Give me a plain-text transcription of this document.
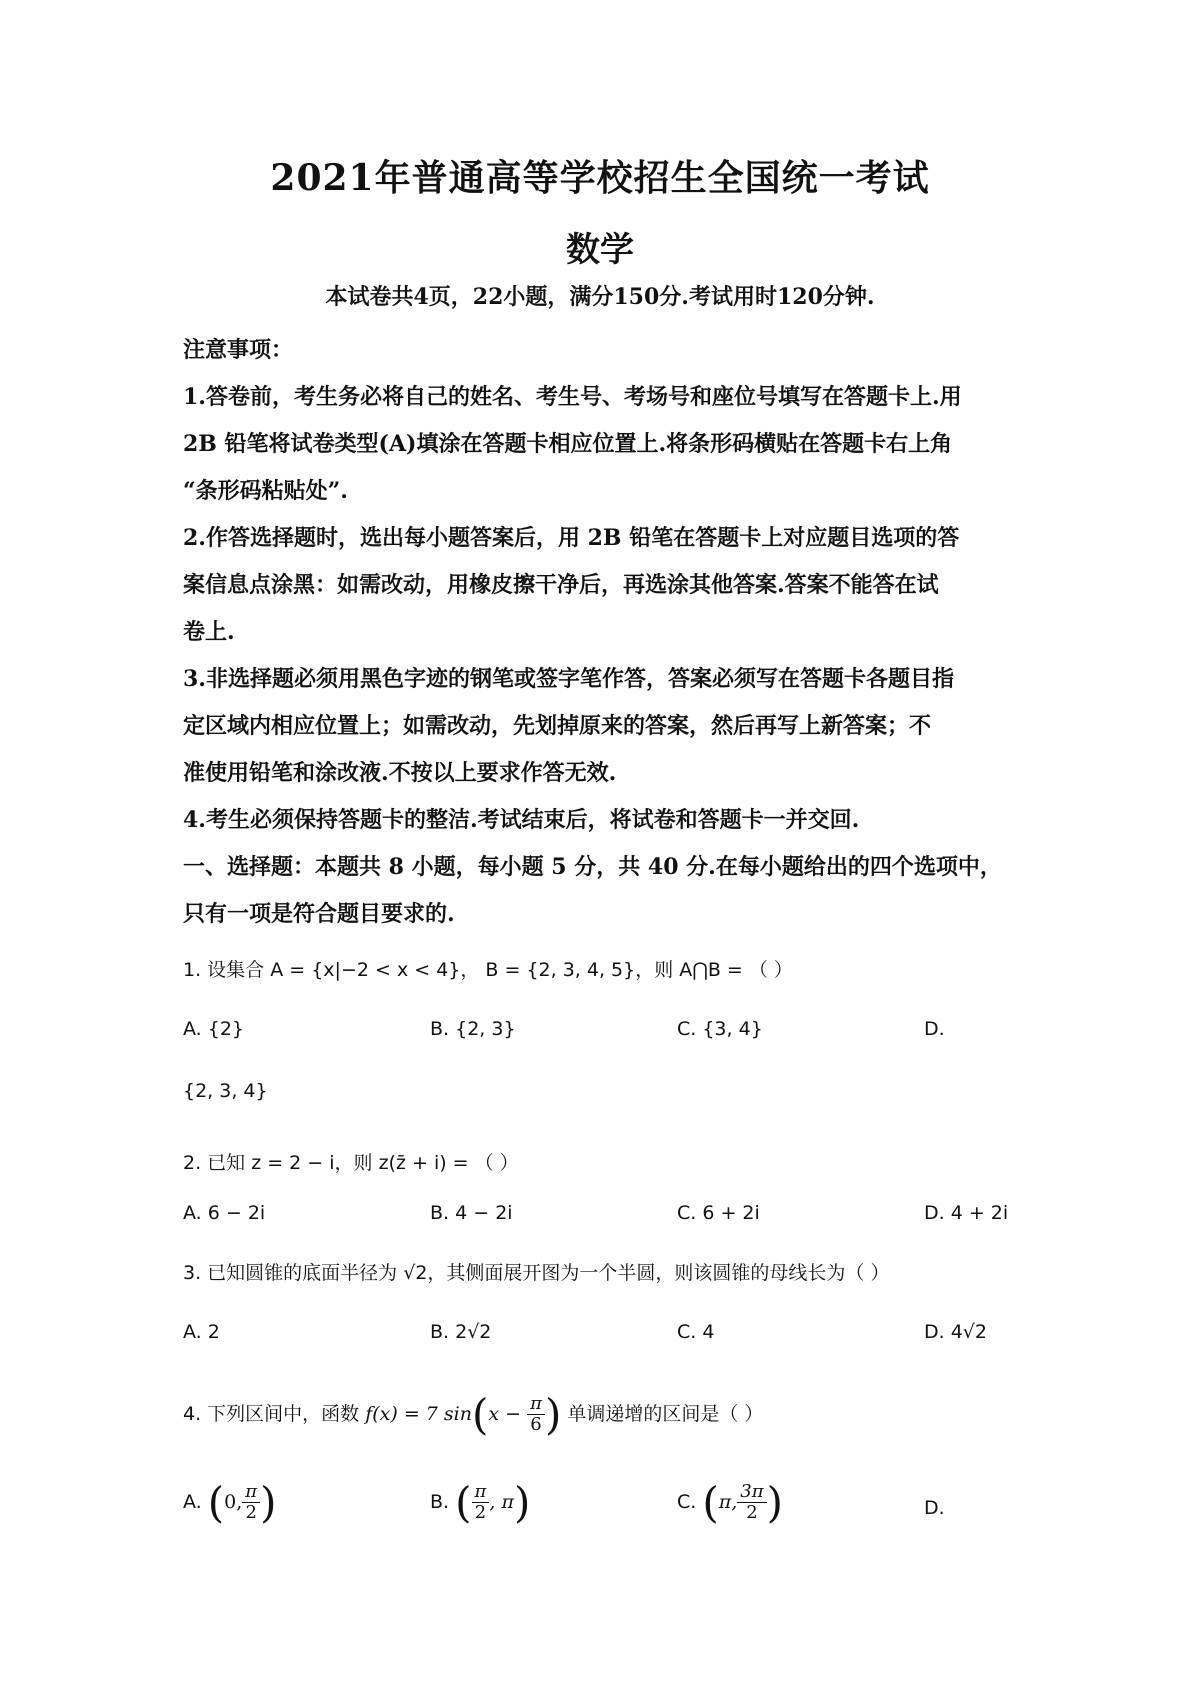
2021年普通高等学校招生全国统一考试
数学
本试卷共4页，22小题，满分150分.考试用时120分钟.
注意事项：
1.答卷前，考生务必将自己的姓名、考生号、考场号和座位号填写在答题卡上.用
2B 铅笔将试卷类型(A)填涂在答题卡相应位置上.将条形码横贴在答题卡右上角
“条形码粘贴处”.
2.作答选择题时，选出每小题答案后，用 2B 铅笔在答题卡上对应题目选项的答
案信息点涂黑：如需改动，用橡皮擦干净后，再选涂其他答案.答案不能答在试
卷上.
3.非选择题必须用黑色字迹的钢笔或签字笔作答，答案必须写在答题卡各题目指
定区域内相应位置上；如需改动，先划掉原来的答案，然后再写上新答案；不
准使用铅笔和涂改液.不按以上要求作答无效.
4.考生必须保持答题卡的整洁.考试结束后，将试卷和答题卡一并交回.
一、选择题：本题共 8 小题，每小题 5 分，共 40 分.在每小题给出的四个选项中，
只有一项是符合题目要求的.
1. 设集合 A = {x|−2 < x < 4}， B = {2, 3, 4, 5}，则 A⋂B = （ ）
A. {2}	B. {2, 3}	C. {3, 4}	D.
{2, 3, 4}
2. 已知 z = 2 − i，则 z(z̄ + i) = （ ）
A. 6 − 2i	B. 4 − 2i	C. 6 + 2i	D. 4 + 2i
3. 已知圆锥的底面半径为 √2，其侧面展开图为一个半圆，则该圆锥的母线长为（ ）
A. 2	B. 2√2	C. 4	D. 4√2
4. 下列区间中，函数 f(x) = 7 $\sin(x - \frac{\pi}{6}$ ) 单调递增的区间是（ ）
A. (0, $\frac{\pi}{2}$ )	B. ( $\frac{\pi}{2}$ , π)	C. (π, $\frac{3\pi}{2}$ )	D.
